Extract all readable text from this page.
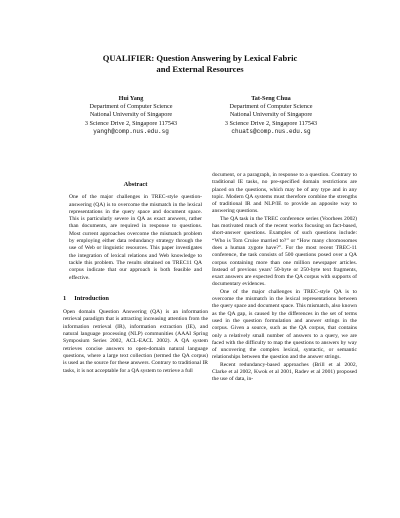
QUALIFIER: Question Answering by Lexical Fabric
and External Resources
Hui Yang
Department of Computer Science
National University of Singapore
3 Science Drive 2, Singapore 117543
yangh@comp.nus.edu.sg
Tat-Seng Chua
Department of Computer Science
National University of Singapore
3 Science Drive 2, Singapore 117543
chuats@comp.nus.edu.sg
Abstract

One of the major challenges in TREC-style question-answering (QA) is to overcome the mismatch in the lexical representations in the query space and document space. This is particularly severe in QA as exact answers, rather than documents, are required in response to questions. Most current approaches overcome the mismatch problem by employing either data redundancy strategy through the use of Web or linguistic resources. This paper investigates the integration of lexical relations and Web knowledge to tackle this problem. The results obtained on TREC11 QA corpus indicate that our approach is both feasible and effective.

1 Introduction

Open domain Question Answering (QA) is an information retrieval paradigm that is attracting increasing attention from the information retrieval (IR), information extraction (IE), and natural language processing (NLP) communities (AAAI Spring Symposium Series 2002, ACL-EACL 2002). A QA system retrieves concise answers to open-domain natural language questions, where a large text collection (termed the QA corpus) is used as the source for these answers. Contrary to traditional IR tasks, it is not acceptable for a QA system to retrieve a full

document, or a paragraph, in response to a question. Contrary to traditional IE tasks, no pre-specified domain restrictions are placed on the questions, which may be of any type and in any topic. Modern QA systems must therefore combine the strengths of traditional IR and NLP/IE to provide an apposite way to answering questions.

The QA task in the TREC conference series (Voorhees 2002) has motivated much of the recent works focusing on fact-based, short-answer questions. Examples of such questions include: “Who is Tom Cruise married to?” or “How many chromosomes does a human zygote have?”. For the most recent TREC-11 conference, the task consists of 500 questions posed over a QA corpus containing more than one million newspaper articles. Instead of previous years' 50-byte or 250-byte text fragments, exact answers are expected from the QA corpus with supports of documentary evidences.

One of the major challenges in TREC-style QA is to overcome the mismatch in the lexical representations between the query space and document space. This mismatch, also known as the QA gap, is caused by the differences in the set of terms used in the question formulation and answer strings in the corpus. Given a source, such as the QA corpus, that contains only a relatively small number of answers to a query, we are faced with the difficulty to map the questions to answers by way of uncovering the complex lexical, syntactic, or semantic relationships between the question and the answer strings.

Recent redundancy-based approaches (Brill et al 2002, Clarke et al 2002, Kwok et al 2001, Radev et al 2001) proposed the use of data, in-
